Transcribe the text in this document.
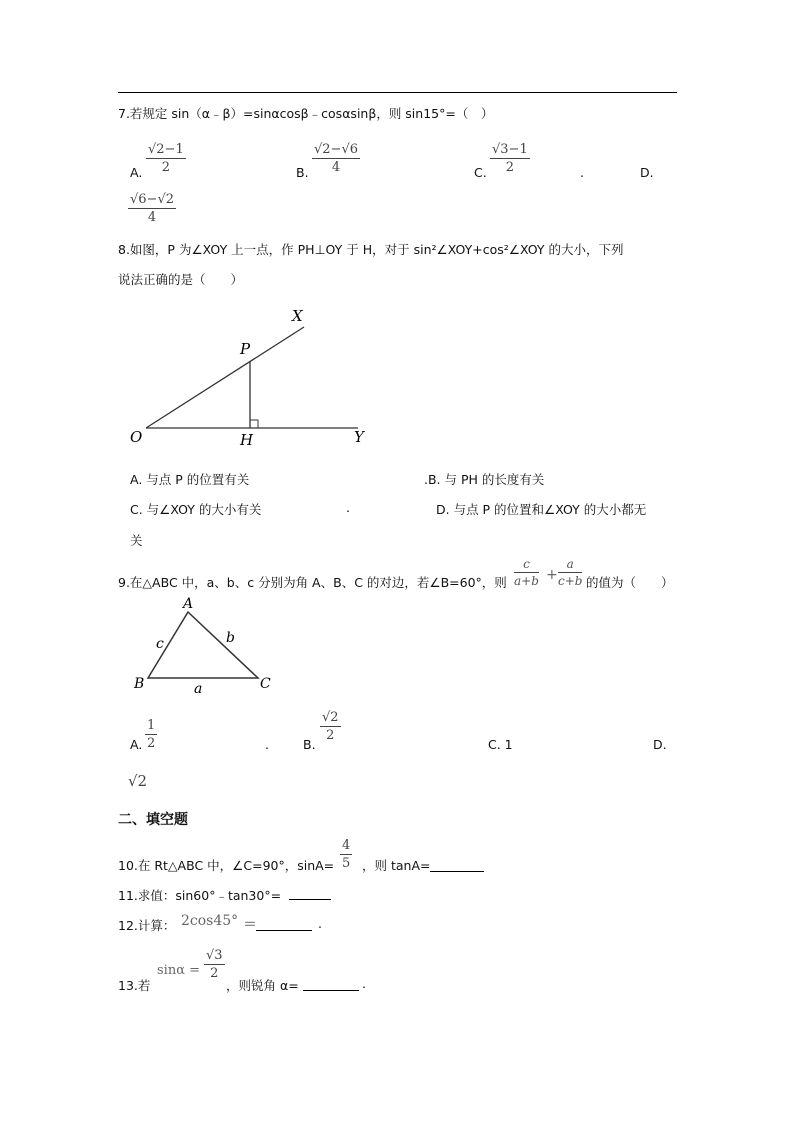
7.若规定 sin（α﹣β）=sinαcosβ﹣cosαsinβ，则 sin15°=（　）
A.
√2−1
2	B.
√2−√6
4	C.
√3−1
2	.	D.
√6−√2
4
8.如图，P 为∠XOY 上一点，作 PH⊥OY 于 H，对于 sin²∠XOY+cos²∠XOY 的大小，下列
说法正确的是（　　）
X
P
O	H	Y
A. 与点 P 的位置有关	.B. 与 PH 的长度有关
C. 与∠XOY 的大小有关	.	D. 与点 P 的位置和∠XOY 的大小都无
关
9.在△ABC 中，a、b、c 分别为角 A、B、C 的对边，若∠B=60°，则
c
a+b +
a
c+b 的值为（　　）
A
B	C
a
b
c
A.
1
2	.	B.
√2
2
C. 1	D.
√2
二、填空题
10.在 Rt△ABC 中，∠C=90°，sinA=
4
5 ，则 tanA=
11.求值：sin60°﹣tan30°=
12.计算： 2cos45° ＝	.
13.若
sinα =
√3
2
，则锐角 α=	.
